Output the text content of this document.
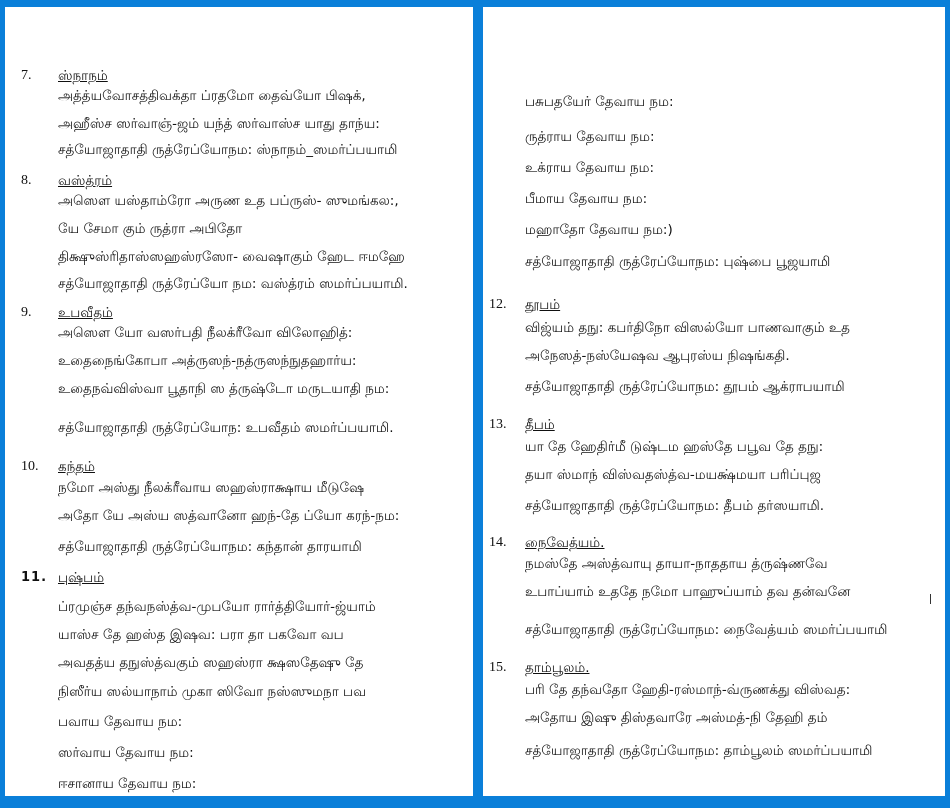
7. ஸ்நாநம்
அத்த்யவோசத்திவக்தா ப்ரதமோ தைவ்யோ பிஷக்,
அஹீஸ்ச ஸர்வாஞ்-ஜம் யந்த் ஸர்வாஸ்ச யாது தாந்ய:
சத்யோஜாதாதி ருத்ரேப்யோநம: ஸ்நாநம்_ஸமர்ப்பயாமி
8. வஸ்த்ரம்
அஸௌ யஸ்தாம்ரோ அருண உத பப்ருஸ்- ஸுமங்கல:,
யே சேமா கும் ருத்ரா அபிதோ
திக்ஷுஸ்ரிதாஸ்ஸஹஸ்ரஸோ- வைஷாகும் ஹேட ஈமஹே
சத்யோஜாதாதி ருத்ரேப்யோ நம: வஸ்த்ரம் ஸமர்ப்பயாமி.
9. உபவீதம்
அஸௌ யோ வஸர்பதி நீலக்ரீவோ விலோஹித்:
உதைநைங்கோபா அத்ருஸந்-நத்ருஸந்நுதஹார்ய:
உதைநவ்விஸ்வா பூதாநி ஸ த்ருஷ்டோ மருடயாதி நம:
சத்யோஜாதாதி ருத்ரேப்யோந: உபவீதம் ஸமர்ப்பயாமி.
10. கந்தம்
நமோ அஸ்து நீலக்ரீவாய ஸஹஸ்ராக்ஷாய மீடுஷே
அதோ யே அஸ்ய ஸத்வானோ ஹந்-தே ப்யோ கரந்-நம:
சத்யோஜாதாதி ருத்ரேப்யோநம: கந்தான் தாரயாமி
11. புஷ்பம்
ப்ரமுஞ்ச தந்வநஸ்த்வ-முபயோ ரார்த்தியோர்-ஜ்யாம்
யாஸ்ச தே ஹஸ்த இஷவ: பரா தா பகவோ வப
அவதத்ய தநுஸ்த்வகும் ஸஹஸ்ரா க்ஷஸதேஷு தே
நிஸீர்ய ஸல்யாநாம் முகா ஸிவோ நஸ்ஸுமநா பவ
பவாய தேவாய நம:
ஸர்வாய தேவாய நம:
ஈசானாய தேவாய நம:
பசுபதயேர் தேவாய நம:
ருத்ராய தேவாய நம:
உக்ராய தேவாய நம:
பீமாய தேவாய நம:
மஹாதோ தேவாய நம:)
சத்யோஜாதாதி ருத்ரேப்யோநம: புஷ்பை பூஜயாமி
12. தூபம்
விஜ்யம் தநு: கபர்திநோ விஸல்யோ பாணவாகும் உத
அநேஸத்-நஸ்யேஷவ ஆபுரஸ்ய நிஷங்கதி.
சத்யோஜாதாதி ருத்ரேப்யோநம: தூபம் ஆக்ராபயாமி
13. தீபம்
யா தே ஹேதிர்மீ டுஷ்டம ஹஸ்தே பபூவ தே தநு:
தயா ஸ்மாந் விஸ்வதஸ்த்வ-மயக்ஷ்மயா பரிப்புஜ
சத்யோஜாதாதி ருத்ரேப்யோநம: தீபம் தர்ஸயாமி.
14. நைவேத்யம்.
நமஸ்தே அஸ்த்வாயு தாயா-நாததாய த்ருஷ்ணவே
உபாப்யாம் உததே நமோ பாஹுப்யாம் தவ தன்வனே
சத்யோஜாதாதி ருத்ரேப்யோநம: நைவேத்யம் ஸமர்ப்பயாமி
15. தாம்பூலம்.
பரி தே தந்வதோ ஹேதி-ரஸ்மாந்-வ்ருணக்து விஸ்வத:
அதோய இஷு திஸ்தவாரே அஸ்மத்-நி தேஹி தம்
சத்யோஜாதாதி ருத்ரேப்யோநம: தாம்பூலம் ஸமர்ப்பயாமி
